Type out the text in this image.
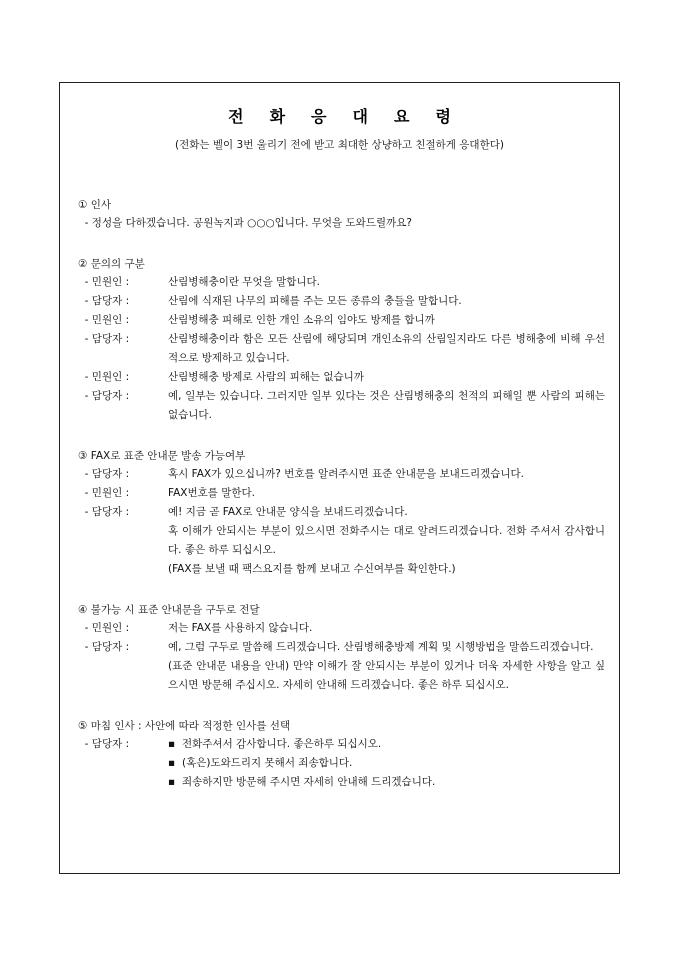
전 화 응 대 요 령
(전화는 벨이 3번 울리기 전에 받고 최대한 상냥하고 친절하게 응대한다)
① 인사
- 정성을 다하겠습니다. 공원녹지과 ○○○입니다. 무엇을 도와드릴까요?
② 문의의 구분
- 민원인 :	산림병해충이란 무엇을 말합니다.
- 담당자 :	산림에 식재된 나무의 피해를 주는 모든 종류의 충들을 말합니다.
- 민원인 :	산림병해충 피해로 인한 개인 소유의 임야도 방제를 합니까
- 담당자 :	산림병해충이라 함은 모든 산림에 해당되며 개인소유의 산림일지라도 다른 병해충에 비해 우선적으로 방제하고 있습니다.
- 민원인 :	산림병해충 방제로 사람의 피해는 없습니까
- 담당자 :	예, 일부는 있습니다. 그러지만 일부 있다는 것은 산림병해충의 천적의 피해일 뿐 사람의 피해는 없습니다.
③ FAX로 표준 안내문 발송 가능여부
- 담당자 :	혹시 FAX가 있으십니까? 번호를 알려주시면 표준 안내문을 보내드리겠습니다.
- 민원인 :	FAX번호를 말한다.
- 담당자 :	예! 지금 곧 FAX로 안내문 양식을 보내드리겠습니다.
혹 이해가 안되시는 부분이 있으시면 전화주시는 대로 알려드리겠습니다. 전화 주셔서 감사합니다. 좋은 하루 되십시오.
(FAX를 보낼 때 팩스요지를 함께 보내고 수신여부를 확인한다.)
④ 불가능 시 표준 안내문을 구두로 전달
- 민원인 :	저는 FAX를 사용하지 않습니다.
- 담당자 :	예, 그럼 구두로 말씀해 드리겠습니다. 산림병해충방제 계획 및 시행방법을 말씀드리겠습니다.
(표준 안내문 내용을 안내) 만약 이해가 잘 안되시는 부분이 있거나 더욱 자세한 사항을 알고 싶으시면 방문해 주십시오. 자세히 안내해 드리겠습니다. 좋은 하루 되십시오.
⑤ 마침 인사 : 사안에 따라 적정한 인사를 선택
- 담당자 :	▪ 전화주셔서 감사합니다. 좋은하루 되십시오.
▪ (혹은)도와드리지 못해서 죄송합니다.
▪ 죄송하지만 방문해 주시면 자세히 안내해 드리겠습니다.
